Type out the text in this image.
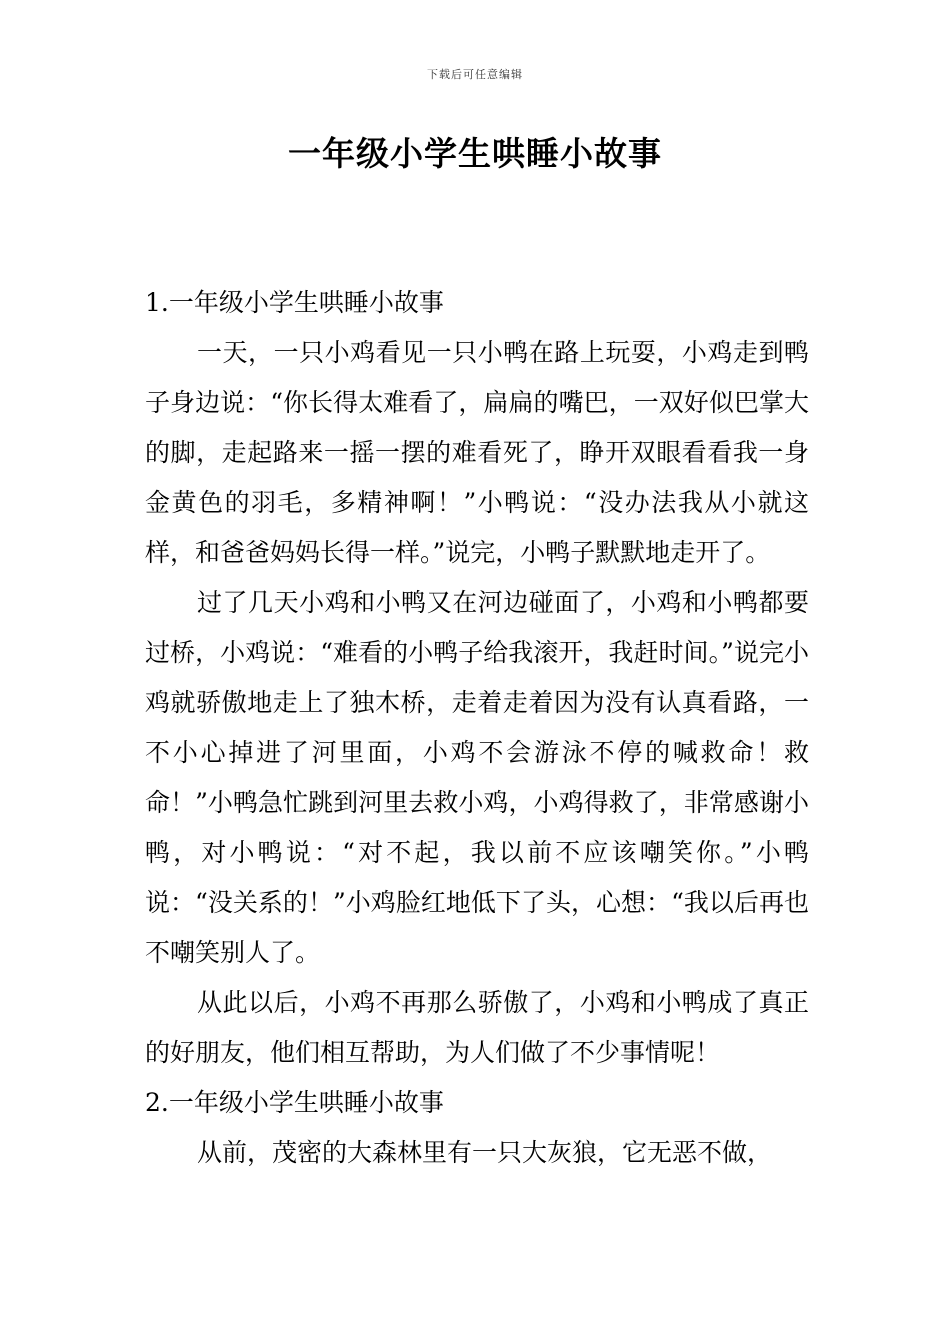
下载后可任意编辑
一年级小学生哄睡小故事

1.一年级小学生哄睡小故事

一天，一只小鸡看见一只小鸭在路上玩耍，小鸡走到鸭子身边说：“你长得太难看了，扁扁的嘴巴，一双好似巴掌大的脚，走起路来一摇一摆的难看死了，睁开双眼看看我一身金黄色的羽毛，多精神啊！”小鸭说：“没办法我从小就这样，和爸爸妈妈长得一样。”说完，小鸭子默默地走开了。

过了几天小鸡和小鸭又在河边碰面了，小鸡和小鸭都要过桥，小鸡说：“难看的小鸭子给我滚开，我赶时间。”说完小鸡就骄傲地走上了独木桥，走着走着因为没有认真看路，一不小心掉进了河里面，小鸡不会游泳不停的喊救命！救命！”小鸭急忙跳到河里去救小鸡，小鸡得救了，非常感谢小鸭，对小鸭说：“对不起，我以前不应该嘲笑你。”小鸭说：“没关系的！”小鸡脸红地低下了头，心想：“我以后再也不嘲笑别人了。

从此以后，小鸡不再那么骄傲了，小鸡和小鸭成了真正的好朋友，他们相互帮助，为人们做了不少事情呢！

2.一年级小学生哄睡小故事

从前，茂密的大森林里有一只大灰狼，它无恶不做，
